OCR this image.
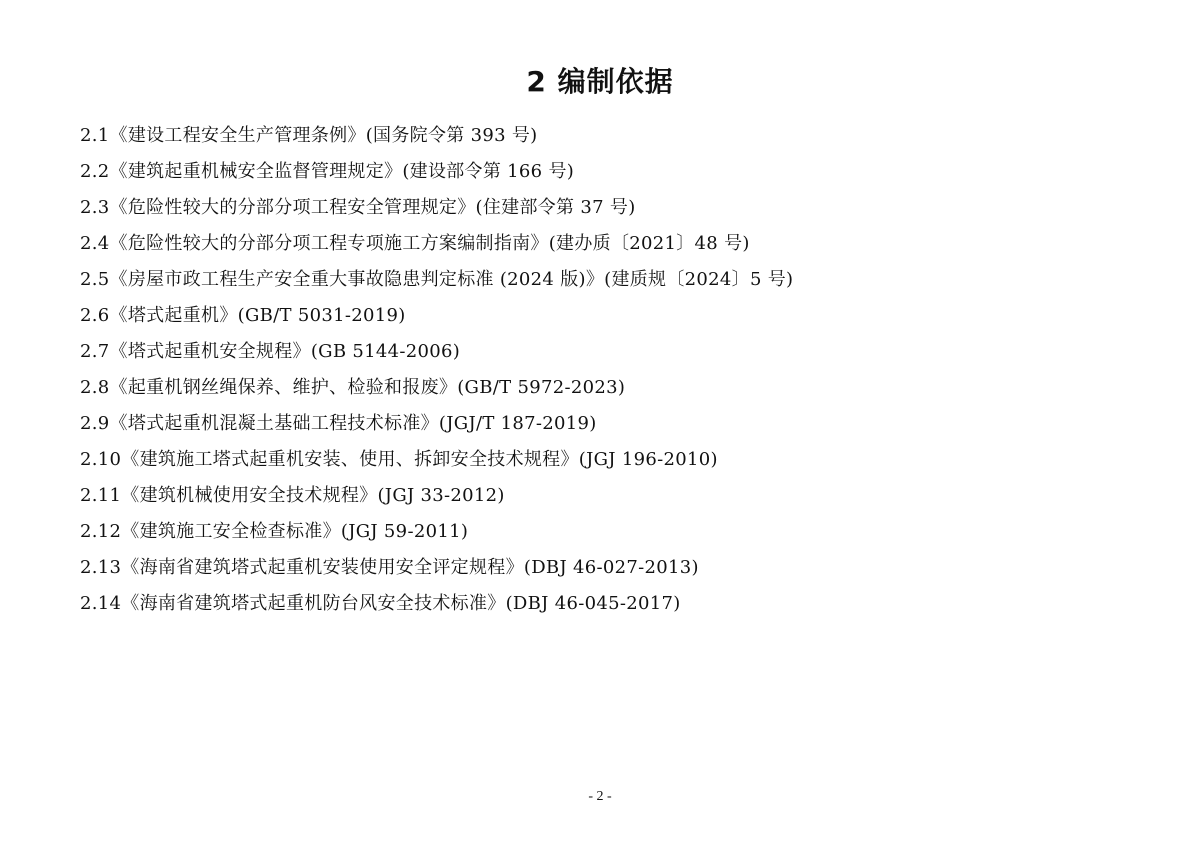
2 编制依据
2.1《建设工程安全生产管理条例》(国务院令第 393 号)
2.2《建筑起重机械安全监督管理规定》(建设部令第 166 号)
2.3《危险性较大的分部分项工程安全管理规定》(住建部令第 37 号)
2.4《危险性较大的分部分项工程专项施工方案编制指南》(建办质〔2021〕48 号)
2.5《房屋市政工程生产安全重大事故隐患判定标准 (2024 版)》(建质规〔2024〕5 号)
2.6《塔式起重机》(GB/T 5031-2019)
2.7《塔式起重机安全规程》(GB 5144-2006)
2.8《起重机钢丝绳保养、维护、检验和报废》(GB/T 5972-2023)
2.9《塔式起重机混凝土基础工程技术标准》(JGJ/T 187-2019)
2.10《建筑施工塔式起重机安装、使用、拆卸安全技术规程》(JGJ 196-2010)
2.11《建筑机械使用安全技术规程》(JGJ 33-2012)
2.12《建筑施工安全检查标准》(JGJ 59-2011)
2.13《海南省建筑塔式起重机安装使用安全评定规程》(DBJ 46-027-2013)
2.14《海南省建筑塔式起重机防台风安全技术标准》(DBJ 46-045-2017)
- 2 -
